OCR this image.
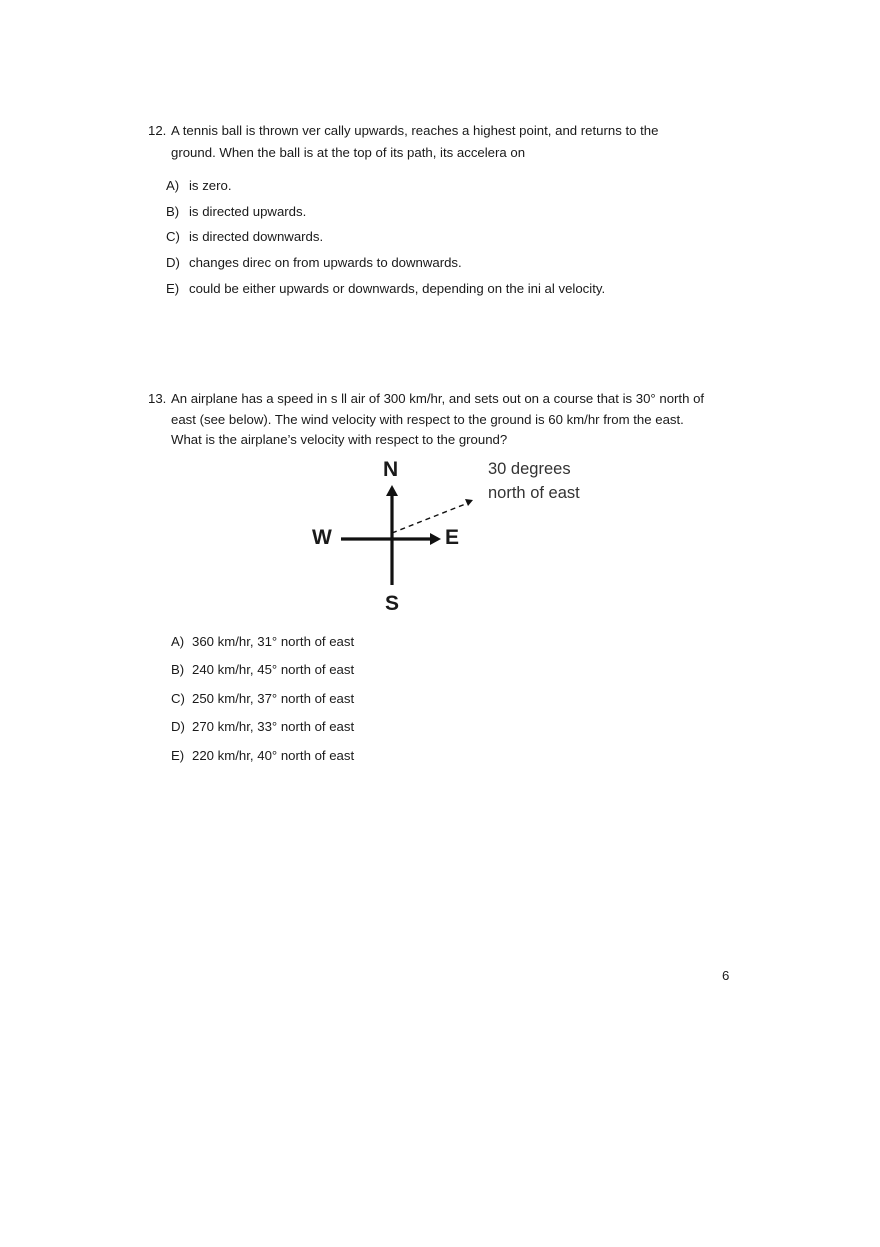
12. A tennis ball is thrown ver cally upwards, reaches a highest point, and returns to the
ground. When the ball is at the top of its path, its accelera on
A) is zero.
B) is directed upwards.
C) is directed downwards.
D) changes direc on from upwards to downwards.
E) could be either upwards or downwards, depending on the ini al velocity.
13. An airplane has a speed in s ll air of 300 km/hr, and sets out on a course that is 30° north of
east (see below). The wind velocity with respect to the ground is 60 km/hr from the east.
What is the airplane’s velocity with respect to the ground?
N
W	E
S
30 degrees
north of east
A) 360 km/hr, 31° north of east
B) 240 km/hr, 45° north of east
C) 250 km/hr, 37° north of east
D) 270 km/hr, 33° north of east
E) 220 km/hr, 40° north of east
6
